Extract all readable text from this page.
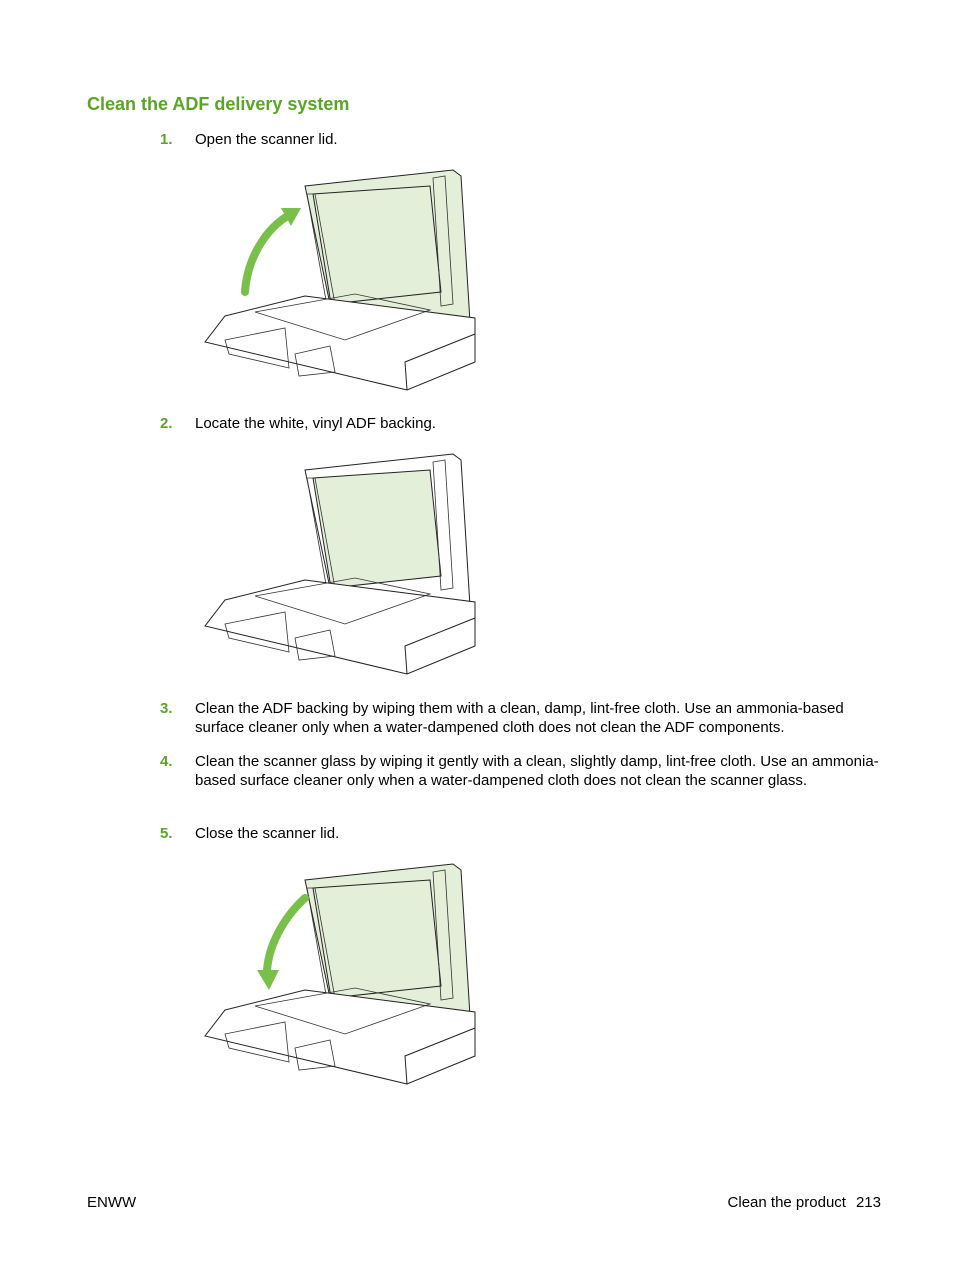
Clean the ADF delivery system
1. Open the scanner lid.
2. Locate the white, vinyl ADF backing.
3. Clean the ADF backing by wiping them with a clean, damp, lint-free cloth. Use an ammonia-based surface cleaner only when a water-dampened cloth does not clean the ADF components.
4. Clean the scanner glass by wiping it gently with a clean, slightly damp, lint-free cloth. Use an ammonia-based surface cleaner only when a water-dampened cloth does not clean the scanner glass.
5. Close the scanner lid.
ENWW	Clean the product 213
